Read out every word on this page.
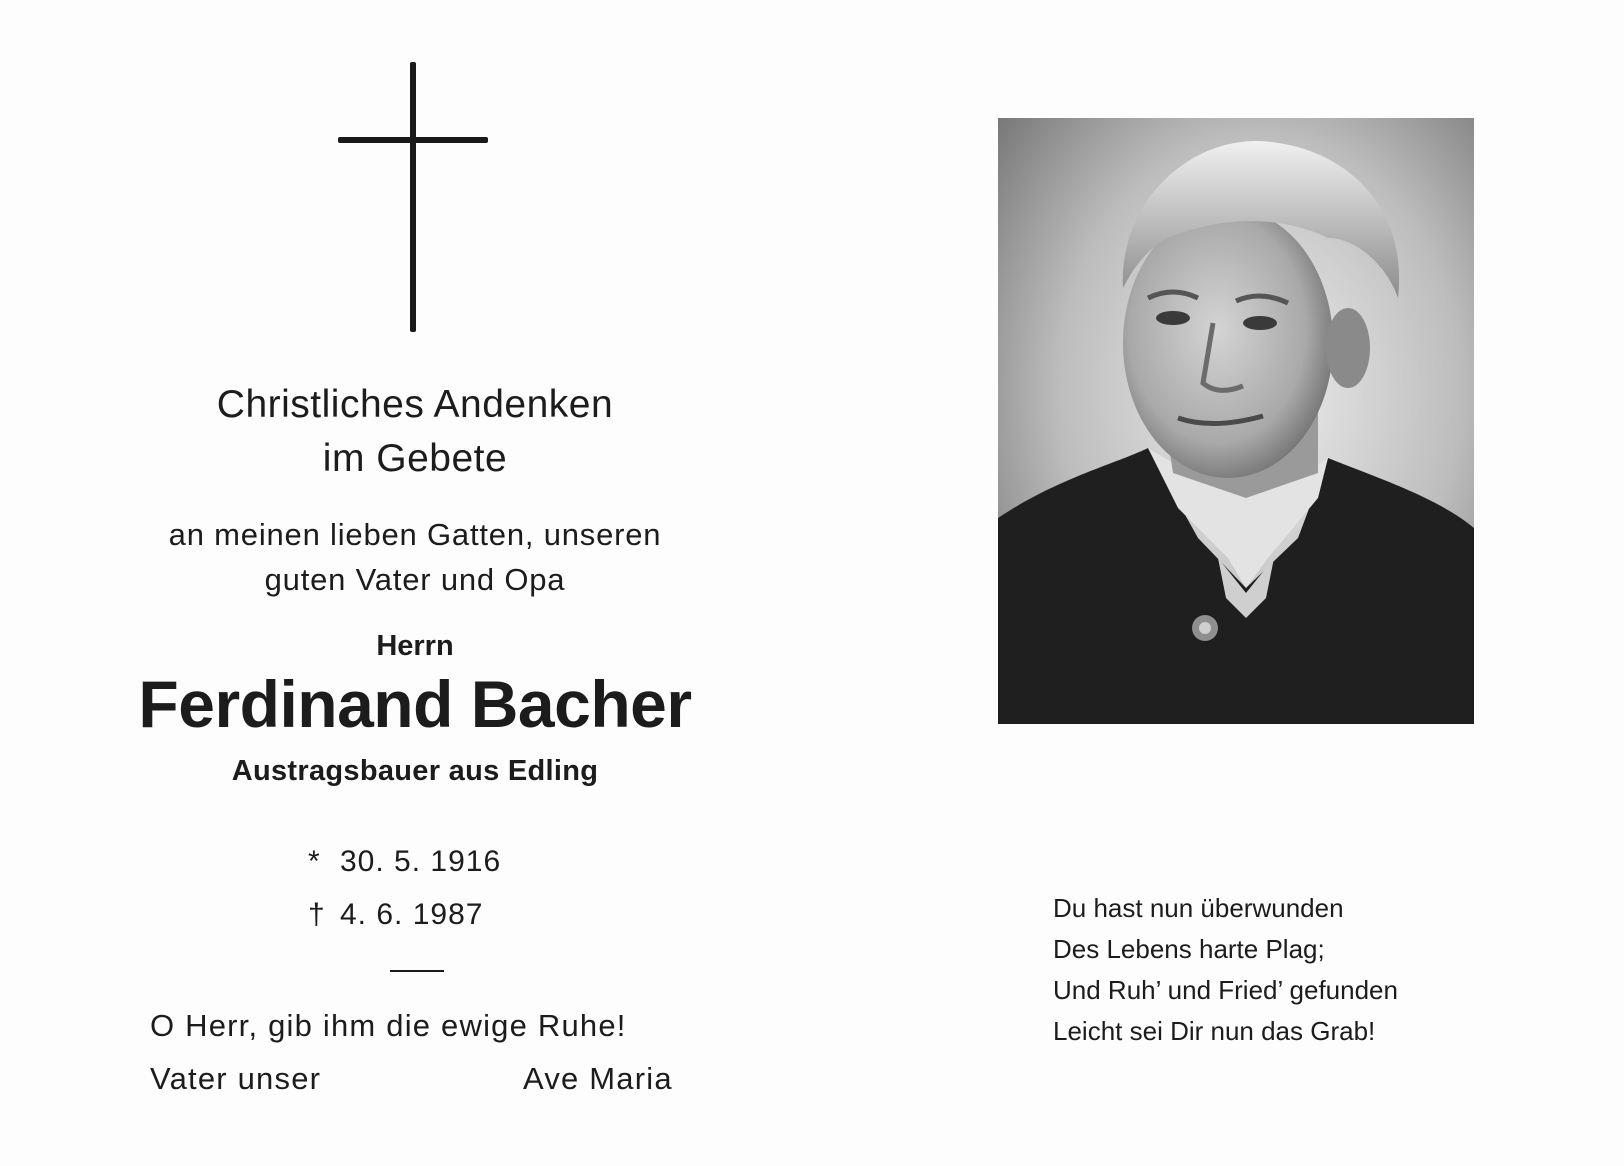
Christliches Andenken
im Gebete
an meinen lieben Gatten, unseren
guten Vater und Opa
Herrn
Ferdinand Bacher
Austragsbauer aus Edling
* 30. 5. 1916
† 4. 6. 1987
O Herr, gib ihm die ewige Ruhe!
Vater unser	Ave Maria
Du hast nun überwunden
Des Lebens harte Plag;
Und Ruh’ und Fried’ gefunden
Leicht sei Dir nun das Grab!
